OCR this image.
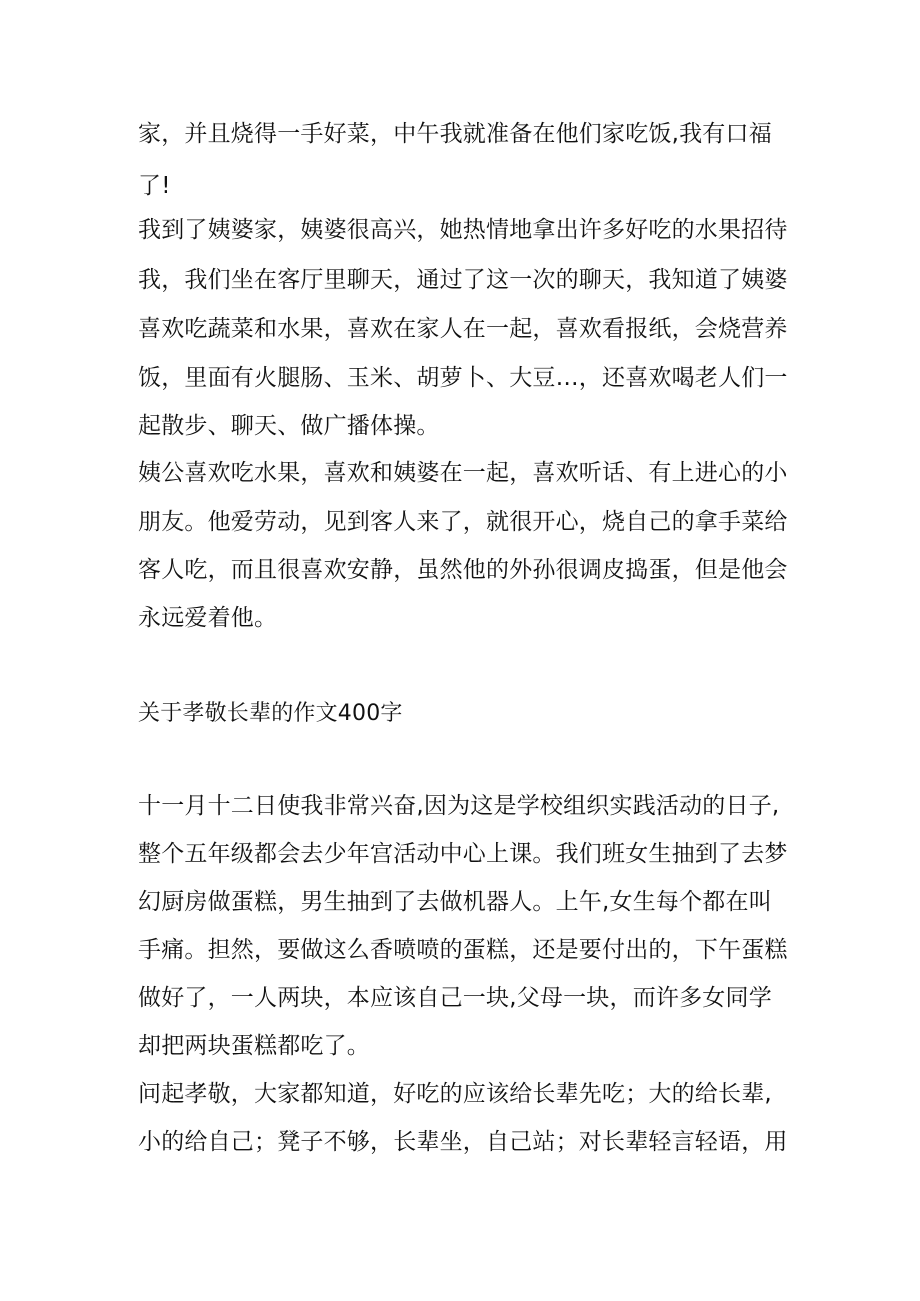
家，并且烧得一手好菜，中午我就准备在他们家吃饭,我有口福
了!
我到了姨婆家，姨婆很高兴，她热情地拿出许多好吃的水果招待
我，我们坐在客厅里聊天，通过了这一次的聊天，我知道了姨婆
喜欢吃蔬菜和水果，喜欢在家人在一起，喜欢看报纸，会烧营养
饭，里面有火腿肠、玉米、胡萝卜、大豆…，还喜欢喝老人们一
起散步、聊天、做广播体操。
姨公喜欢吃水果，喜欢和姨婆在一起，喜欢听话、有上进心的小
朋友。他爱劳动，见到客人来了，就很开心，烧自己的拿手菜给
客人吃，而且很喜欢安静，虽然他的外孙很调皮捣蛋，但是他会
永远爱着他。
关于孝敬长辈的作文400字
十一月十二日使我非常兴奋,因为这是学校组织实践活动的日子,
整个五年级都会去少年宫活动中心上课。我们班女生抽到了去梦
幻厨房做蛋糕，男生抽到了去做机器人。上午,女生每个都在叫
手痛。担然，要做这么香喷喷的蛋糕，还是要付出的，下午蛋糕
做好了，一人两块，本应该自己一块,父母一块，而许多女同学
却把两块蛋糕都吃了。
问起孝敬，大家都知道，好吃的应该给长辈先吃；大的给长辈,
小的给自己；凳子不够，长辈坐，自己站；对长辈轻言轻语，用
